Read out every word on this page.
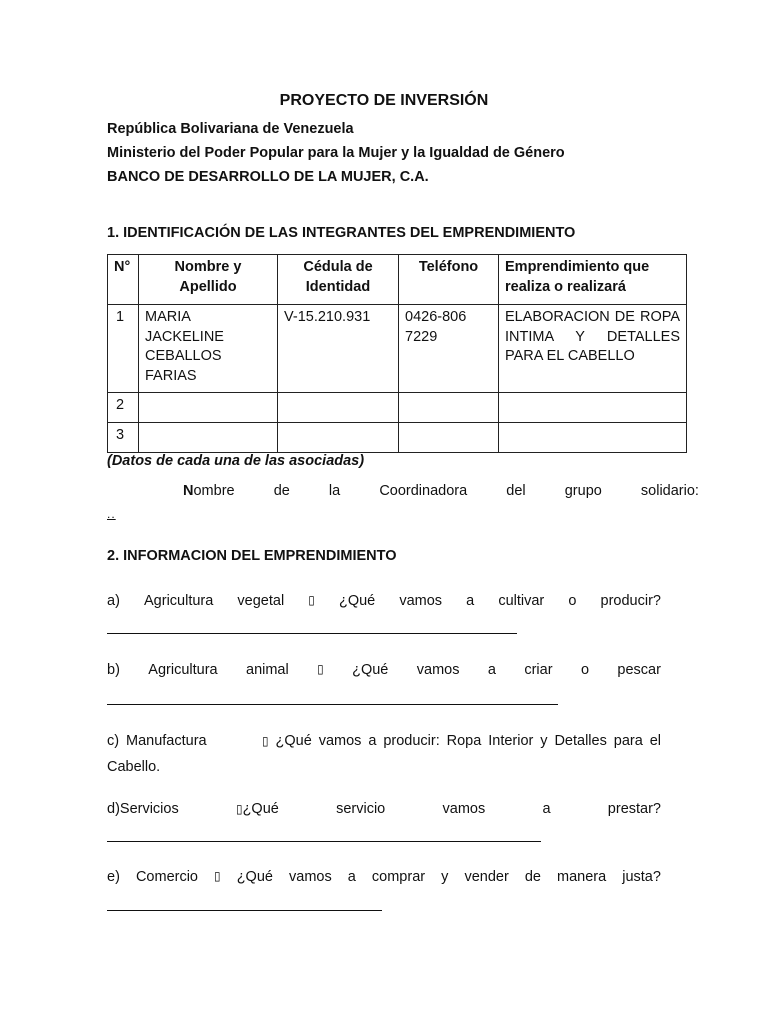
PROYECTO DE INVERSIÓN
República Bolivariana de Venezuela
Ministerio del Poder Popular para la Mujer y la Igualdad de Género
BANCO DE DESARROLLO DE LA MUJER, C.A.
1. IDENTIFICACIÓN DE LAS INTEGRANTES DEL EMPRENDIMIENTO
N°	Nombre y Apellido	Cédula de Identidad	Teléfono	Emprendimiento que realiza o realizará
1	MARIA JACKELINE CEBALLOS FARIAS	V-15.210.931	0426-806 7229	ELABORACION DE ROPA INTIMA Y DETALLES PARA EL CABELLO
2				
3				
(Datos de cada una de las asociadas)
Nombre	de	la	Coordinadora	del	grupo	solidario:
..
2. INFORMACION DEL EMPRENDIMIENTO
a) Agricultura vegetal ▯ ¿Qué vamos a cultivar o producir?
b) Agricultura animal ▯ ¿Qué vamos a criar o pescar
c) Manufactura	▯ ¿Qué vamos a producir: Ropa Interior y Detalles para el Cabello.
d)Servicios	▯¿Qué	servicio	vamos	a	prestar?
e) Comercio ▯ ¿Qué vamos a comprar y vender de manera justa?
